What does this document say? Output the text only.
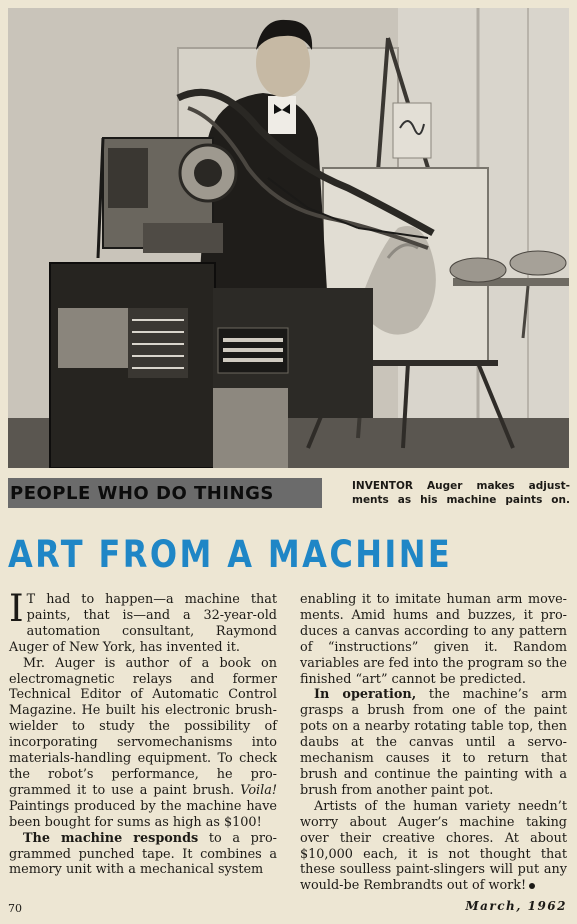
PEOPLE WHO DO THINGS	INVENTOR Auger makes adjustments as his machine paints on.
ART FROM A MACHINE

I T had to happen—a machine that paints, that is—and a 32-year-old automation consultant, Raymond Auger of New York, has invented it.

Mr. Auger is author of a book on electromagnetic relays and former Technical Editor of Automatic Control Magazine. He built his electronic brush-wielder to study the possibility of incorporating servomechanisms into materials-handling equipment. To check the robot’s performance, he programmed it to use a paint brush. Voila! Paintings produced by the machine have been bought for sums as high as $100!

The machine responds to a programmed punched tape. It combines a memory unit with a mechanical system

enabling it to imitate human arm movements. Amid hums and buzzes, it produces a canvas according to any pattern of “instructions” given it. Random variables are fed into the program so the finished “art” cannot be predicted.

In operation, the machine’s arm grasps a brush from one of the paint pots on a nearby rotating table top, then daubs at the canvas until a servomechanism causes it to return that brush and continue the painting with a brush from another paint pot.

Artists of the human variety needn’t worry about Auger’s machine taking over their creative chores. At about $10,000 each, it is not thought that these soulless paint-slingers will put any would-be Rembrandts out of work!

70	March, 1962
